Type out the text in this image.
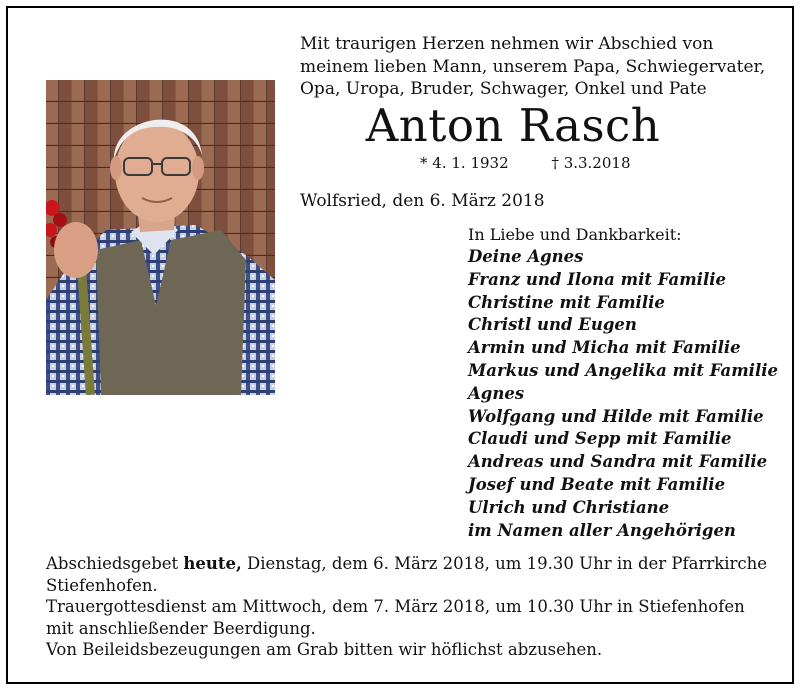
Mit traurigen Herzen nehmen wir Abschied von meinem lieben Mann, unserem Papa, Schwiegervater, Opa, Uropa, Bruder, Schwager, Onkel und Pate
Anton Rasch
* 4. 1. 1932	† 3.3.2018
Wolfsried, den 6. März 2018
In Liebe und Dankbarkeit:
Deine Agnes
Franz und Ilona mit Familie
Christine mit Familie
Christl und Eugen
Armin und Micha mit Familie
Markus und Angelika mit Familie
Agnes
Wolfgang und Hilde mit Familie
Claudi und Sepp mit Familie
Andreas und Sandra mit Familie
Josef und Beate mit Familie
Ulrich und Christiane
im Namen aller Angehörigen

Abschiedsgebet heute, Dienstag, dem 6. März 2018, um 19.30 Uhr in der Pfarrkirche Stiefenhofen.

Trauergottesdienst am Mittwoch, dem 7. März 2018, um 10.30 Uhr in Stiefenhofen mit anschließender Beerdigung.

Von Beileidsbezeugungen am Grab bitten wir höflichst abzusehen.
